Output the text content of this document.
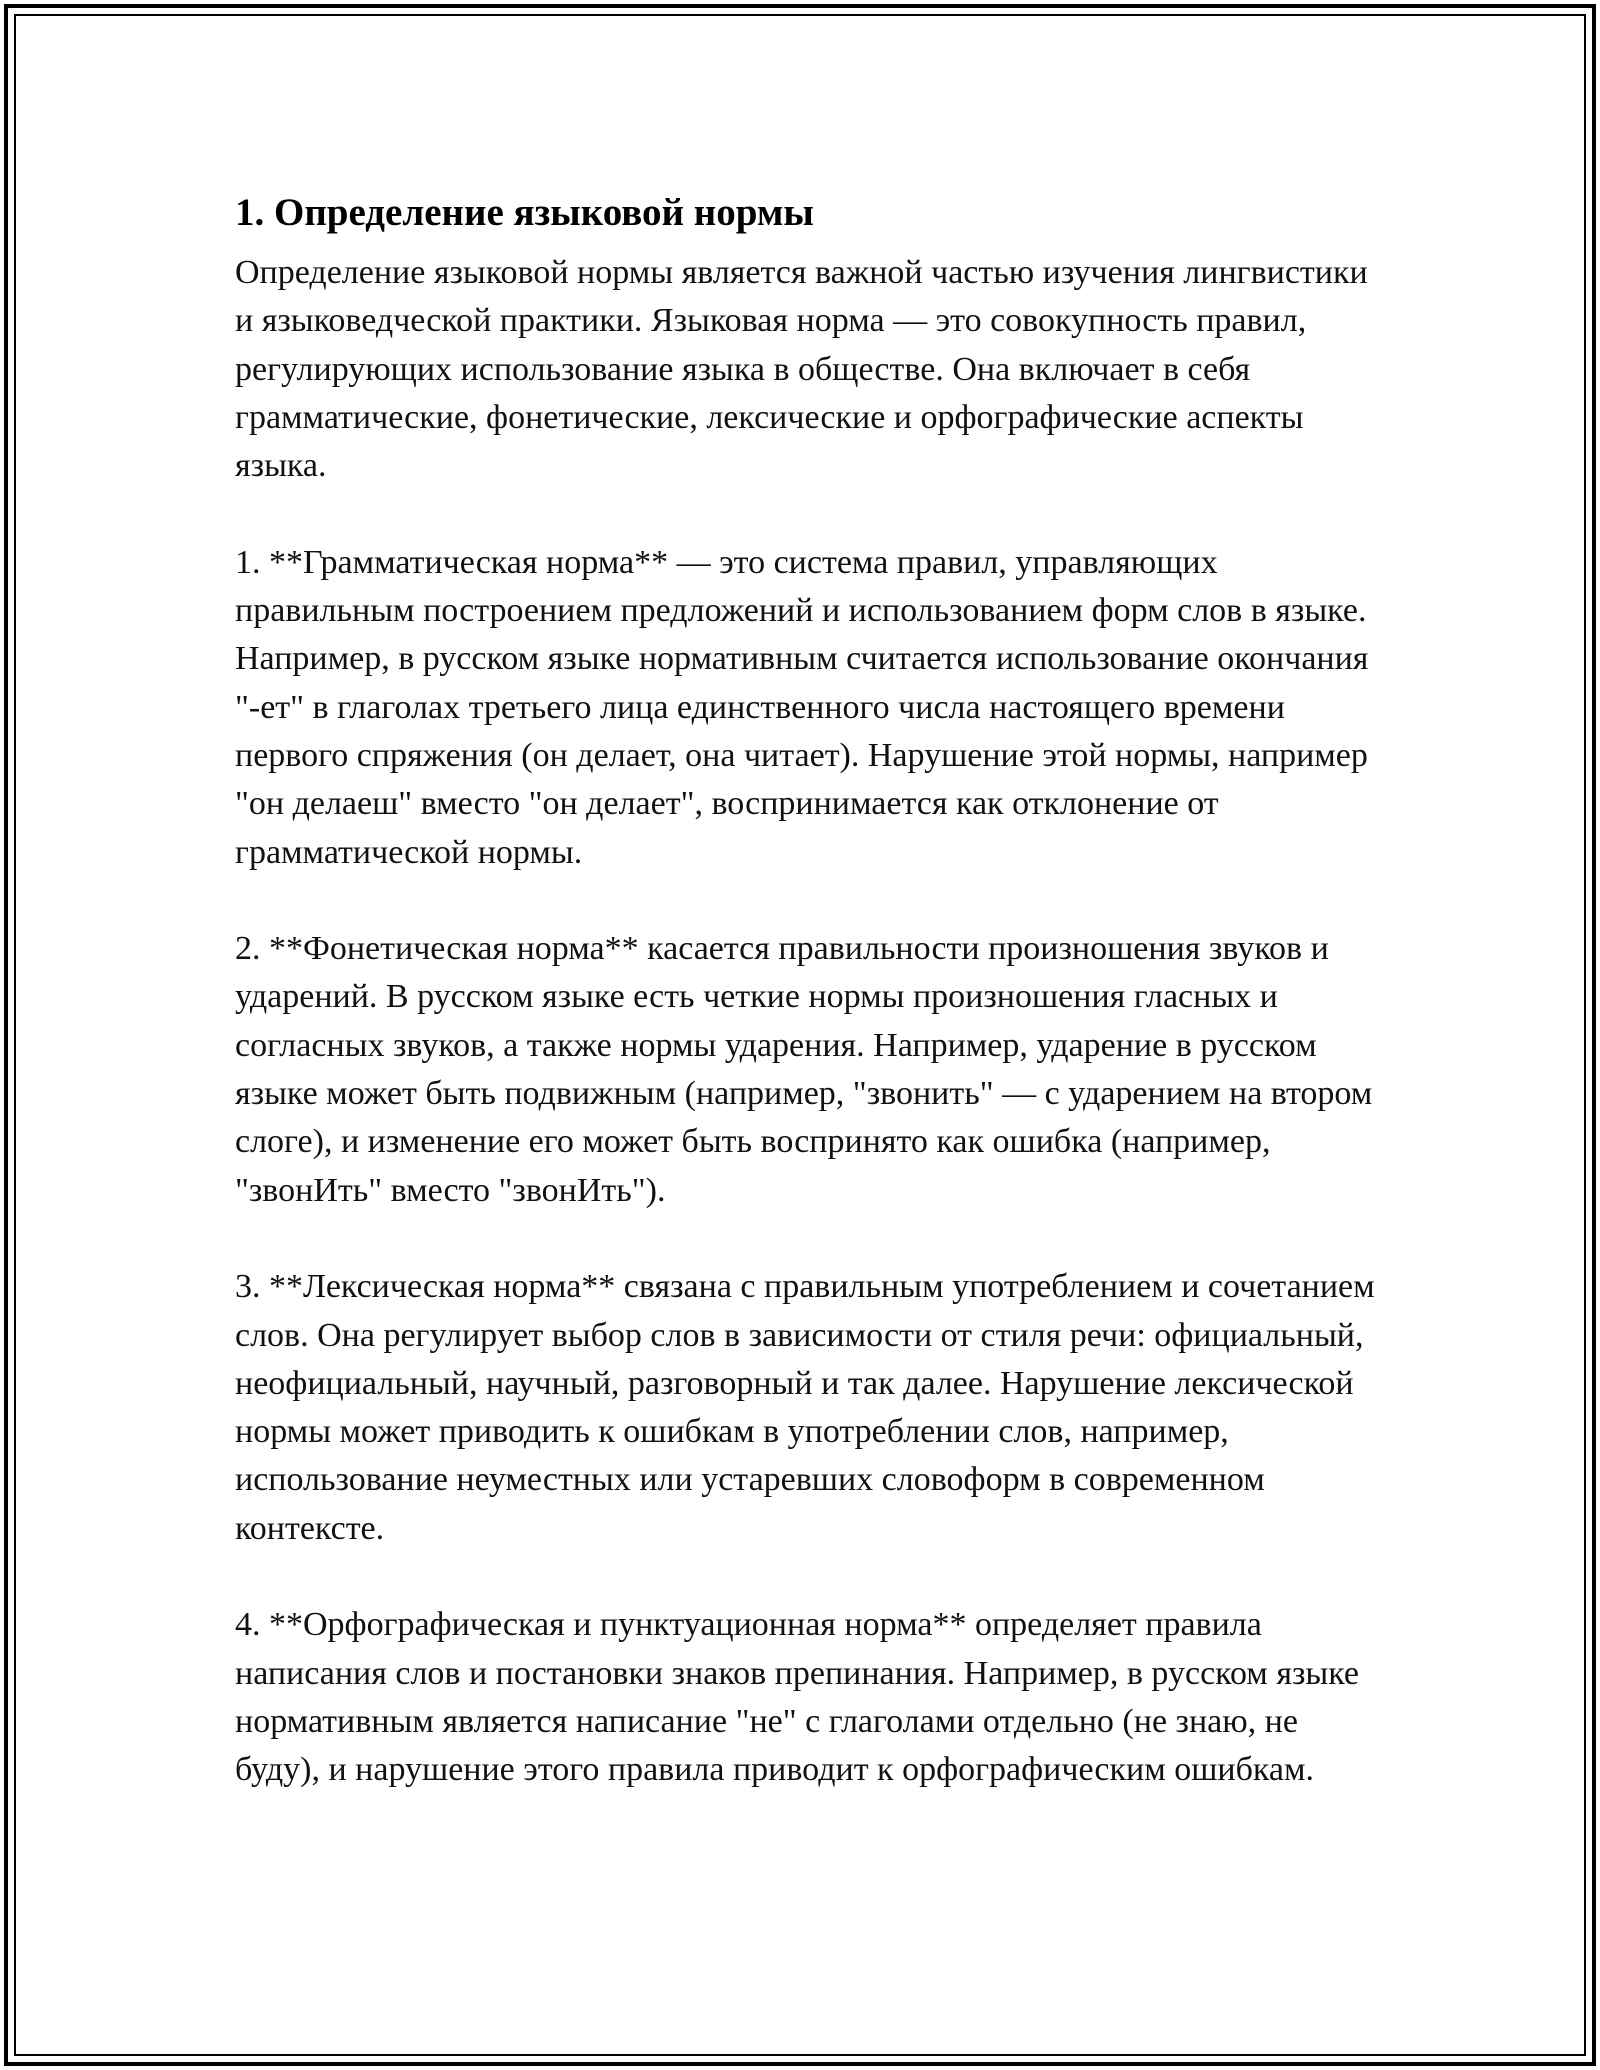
1. Определение языковой нормы

Определение языковой нормы является важной частью изучения лингвистики и языковедческой практики. Языковая норма — это совокупность правил, регулирующих использование языка в обществе. Она включает в себя грамматические, фонетические, лексические и орфографические аспекты языка.

1. **Грамматическая норма** — это система правил, управляющих правильным построением предложений и использованием форм слов в языке. Например, в русском языке нормативным считается использование окончания "-ет" в глаголах третьего лица единственного числа настоящего времени первого спряжения (он делает, она читает). Нарушение этой нормы, например "он делаеш" вместо "он делает", воспринимается как отклонение от грамматической нормы.

2. **Фонетическая норма** касается правильности произношения звуков и ударений. В русском языке есть четкие нормы произношения гласных и согласных звуков, а также нормы ударения. Например, ударение в русском языке может быть подвижным (например, "звонить" — с ударением на втором слоге), и изменение его может быть воспринято как ошибка (например, "звонИть" вместо "звонИть").

3. **Лексическая норма** связана с правильным употреблением и сочетанием слов. Она регулирует выбор слов в зависимости от стиля речи: официальный, неофициальный, научный, разговорный и так далее. Нарушение лексической нормы может приводить к ошибкам в употреблении слов, например, использование неуместных или устаревших словоформ в современном контексте.

4. **Орфографическая и пунктуационная норма** определяет правила написания слов и постановки знаков препинания. Например, в русском языке нормативным является написание "не" с глаголами отдельно (не знаю, не буду), и нарушение этого правила приводит к орфографическим ошибкам.
